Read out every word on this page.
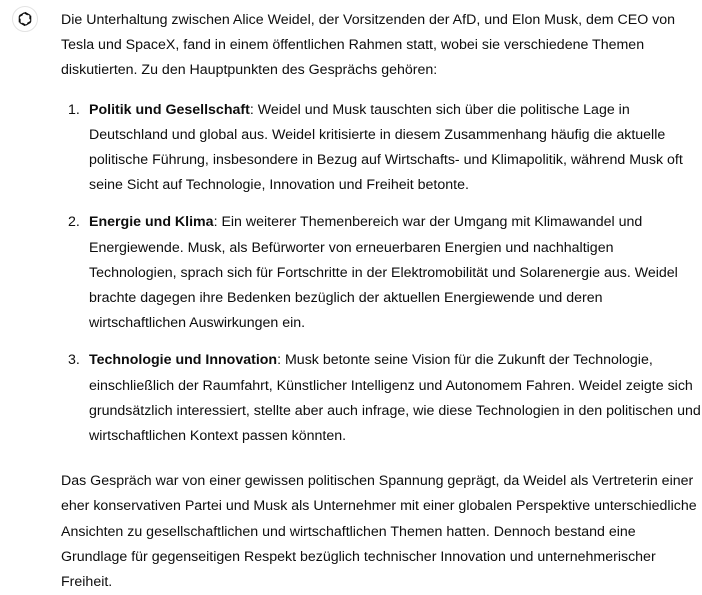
Die Unterhaltung zwischen Alice Weidel, der Vorsitzenden der AfD, und Elon Musk, dem CEO von Tesla und SpaceX, fand in einem öffentlichen Rahmen statt, wobei sie verschiedene Themen diskutierten. Zu den Hauptpunkten des Gesprächs gehören:

1. Politik und Gesellschaft: Weidel und Musk tauschten sich über die politische Lage in Deutschland und global aus. Weidel kritisierte in diesem Zusammenhang häufig die aktuelle politische Führung, insbesondere in Bezug auf Wirtschafts- und Klimapolitik, während Musk oft seine Sicht auf Technologie, Innovation und Freiheit betonte.
2. Energie und Klima: Ein weiterer Themenbereich war der Umgang mit Klimawandel und Energiewende. Musk, als Befürworter von erneuerbaren Energien und nachhaltigen Technologien, sprach sich für Fortschritte in der Elektromobilität und Solarenergie aus. Weidel brachte dagegen ihre Bedenken bezüglich der aktuellen Energiewende und deren wirtschaftlichen Auswirkungen ein.
3. Technologie und Innovation: Musk betonte seine Vision für die Zukunft der Technologie, einschließlich der Raumfahrt, Künstlicher Intelligenz und Autonomem Fahren. Weidel zeigte sich grundsätzlich interessiert, stellte aber auch infrage, wie diese Technologien in den politischen und wirtschaftlichen Kontext passen könnten.

Das Gespräch war von einer gewissen politischen Spannung geprägt, da Weidel als Vertreterin einer eher konservativen Partei und Musk als Unternehmer mit einer globalen Perspektive unterschiedliche Ansichten zu gesellschaftlichen und wirtschaftlichen Themen hatten. Dennoch bestand eine Grundlage für gegenseitigen Respekt bezüglich technischer Innovation und unternehmerischer Freiheit.
